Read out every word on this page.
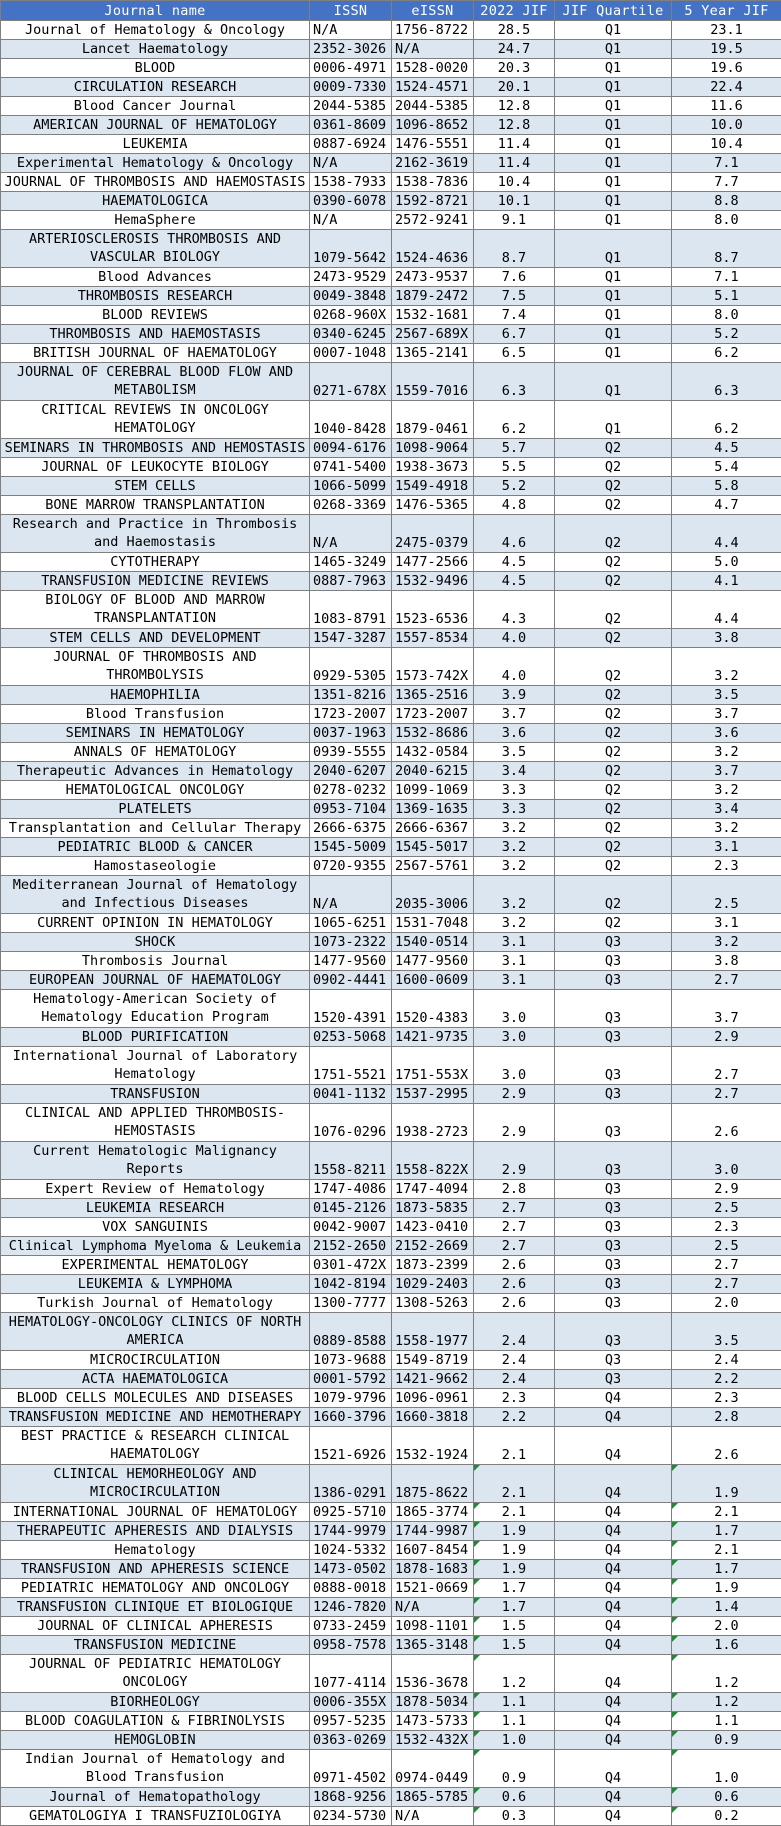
Journal name	ISSN	eISSN	2022 JIF	JIF Quartile	5 Year JIF
Journal of Hematology & Oncology	N/A	1756-8722	28.5	Q1	23.1
Lancet Haematology	2352-3026	N/A	24.7	Q1	19.5
BLOOD	0006-4971	1528-0020	20.3	Q1	19.6
CIRCULATION RESEARCH	0009-7330	1524-4571	20.1	Q1	22.4
Blood Cancer Journal	2044-5385	2044-5385	12.8	Q1	11.6
AMERICAN JOURNAL OF HEMATOLOGY	0361-8609	1096-8652	12.8	Q1	10.0
LEUKEMIA	0887-6924	1476-5551	11.4	Q1	10.4
Experimental Hematology & Oncology	N/A	2162-3619	11.4	Q1	7.1
JOURNAL OF THROMBOSIS AND HAEMOSTASIS	1538-7933	1538-7836	10.4	Q1	7.7
HAEMATOLOGICA	0390-6078	1592-8721	10.1	Q1	8.8
HemaSphere	N/A	2572-9241	9.1	Q1	8.0
ARTERIOSCLEROSIS THROMBOSIS AND VASCULAR BIOLOGY	1079-5642	1524-4636	8.7	Q1	8.7
Blood Advances	2473-9529	2473-9537	7.6	Q1	7.1
THROMBOSIS RESEARCH	0049-3848	1879-2472	7.5	Q1	5.1
BLOOD REVIEWS	0268-960X	1532-1681	7.4	Q1	8.0
THROMBOSIS AND HAEMOSTASIS	0340-6245	2567-689X	6.7	Q1	5.2
BRITISH JOURNAL OF HAEMATOLOGY	0007-1048	1365-2141	6.5	Q1	6.2
JOURNAL OF CEREBRAL BLOOD FLOW AND METABOLISM	0271-678X	1559-7016	6.3	Q1	6.3
CRITICAL REVIEWS IN ONCOLOGY HEMATOLOGY	1040-8428	1879-0461	6.2	Q1	6.2
SEMINARS IN THROMBOSIS AND HEMOSTASIS	0094-6176	1098-9064	5.7	Q2	4.5
JOURNAL OF LEUKOCYTE BIOLOGY	0741-5400	1938-3673	5.5	Q2	5.4
STEM CELLS	1066-5099	1549-4918	5.2	Q2	5.8
BONE MARROW TRANSPLANTATION	0268-3369	1476-5365	4.8	Q2	4.7
Research and Practice in Thrombosis and Haemostasis	N/A	2475-0379	4.6	Q2	4.4
CYTOTHERAPY	1465-3249	1477-2566	4.5	Q2	5.0
TRANSFUSION MEDICINE REVIEWS	0887-7963	1532-9496	4.5	Q2	4.1
BIOLOGY OF BLOOD AND MARROW TRANSPLANTATION	1083-8791	1523-6536	4.3	Q2	4.4
STEM CELLS AND DEVELOPMENT	1547-3287	1557-8534	4.0	Q2	3.8
JOURNAL OF THROMBOSIS AND THROMBOLYSIS	0929-5305	1573-742X	4.0	Q2	3.2
HAEMOPHILIA	1351-8216	1365-2516	3.9	Q2	3.5
Blood Transfusion	1723-2007	1723-2007	3.7	Q2	3.7
SEMINARS IN HEMATOLOGY	0037-1963	1532-8686	3.6	Q2	3.6
ANNALS OF HEMATOLOGY	0939-5555	1432-0584	3.5	Q2	3.2
Therapeutic Advances in Hematology	2040-6207	2040-6215	3.4	Q2	3.7
HEMATOLOGICAL ONCOLOGY	0278-0232	1099-1069	3.3	Q2	3.2
PLATELETS	0953-7104	1369-1635	3.3	Q2	3.4
Transplantation and Cellular Therapy	2666-6375	2666-6367	3.2	Q2	3.2
PEDIATRIC BLOOD & CANCER	1545-5009	1545-5017	3.2	Q2	3.1
Hamostaseologie	0720-9355	2567-5761	3.2	Q2	2.3
Mediterranean Journal of Hematology and Infectious Diseases	N/A	2035-3006	3.2	Q2	2.5
CURRENT OPINION IN HEMATOLOGY	1065-6251	1531-7048	3.2	Q2	3.1
SHOCK	1073-2322	1540-0514	3.1	Q3	3.2
Thrombosis Journal	1477-9560	1477-9560	3.1	Q3	3.8
EUROPEAN JOURNAL OF HAEMATOLOGY	0902-4441	1600-0609	3.1	Q3	2.7
Hematology-American Society of Hematology Education Program	1520-4391	1520-4383	3.0	Q3	3.7
BLOOD PURIFICATION	0253-5068	1421-9735	3.0	Q3	2.9
International Journal of Laboratory Hematology	1751-5521	1751-553X	3.0	Q3	2.7
TRANSFUSION	0041-1132	1537-2995	2.9	Q3	2.7
CLINICAL AND APPLIED THROMBOSIS-HEMOSTASIS	1076-0296	1938-2723	2.9	Q3	2.6
Current Hematologic Malignancy Reports	1558-8211	1558-822X	2.9	Q3	3.0
Expert Review of Hematology	1747-4086	1747-4094	2.8	Q3	2.9
LEUKEMIA RESEARCH	0145-2126	1873-5835	2.7	Q3	2.5
VOX SANGUINIS	0042-9007	1423-0410	2.7	Q3	2.3
Clinical Lymphoma Myeloma & Leukemia	2152-2650	2152-2669	2.7	Q3	2.5
EXPERIMENTAL HEMATOLOGY	0301-472X	1873-2399	2.6	Q3	2.7
LEUKEMIA & LYMPHOMA	1042-8194	1029-2403	2.6	Q3	2.7
Turkish Journal of Hematology	1300-7777	1308-5263	2.6	Q3	2.0
HEMATOLOGY-ONCOLOGY CLINICS OF NORTH AMERICA	0889-8588	1558-1977	2.4	Q3	3.5
MICROCIRCULATION	1073-9688	1549-8719	2.4	Q3	2.4
ACTA HAEMATOLOGICA	0001-5792	1421-9662	2.4	Q3	2.2
BLOOD CELLS MOLECULES AND DISEASES	1079-9796	1096-0961	2.3	Q4	2.3
TRANSFUSION MEDICINE AND HEMOTHERAPY	1660-3796	1660-3818	2.2	Q4	2.8
BEST PRACTICE & RESEARCH CLINICAL HAEMATOLOGY	1521-6926	1532-1924	2.1	Q4	2.6
CLINICAL HEMORHEOLOGY AND MICROCIRCULATION	1386-0291	1875-8622	2.1	Q4	1.9
INTERNATIONAL JOURNAL OF HEMATOLOGY	0925-5710	1865-3774	2.1	Q4	2.1
THERAPEUTIC APHERESIS AND DIALYSIS	1744-9979	1744-9987	1.9	Q4	1.7
Hematology	1024-5332	1607-8454	1.9	Q4	2.1
TRANSFUSION AND APHERESIS SCIENCE	1473-0502	1878-1683	1.9	Q4	1.7
PEDIATRIC HEMATOLOGY AND ONCOLOGY	0888-0018	1521-0669	1.7	Q4	1.9
TRANSFUSION CLINIQUE ET BIOLOGIQUE	1246-7820	N/A	1.7	Q4	1.4
JOURNAL OF CLINICAL APHERESIS	0733-2459	1098-1101	1.5	Q4	2.0
TRANSFUSION MEDICINE	0958-7578	1365-3148	1.5	Q4	1.6
JOURNAL OF PEDIATRIC HEMATOLOGY ONCOLOGY	1077-4114	1536-3678	1.2	Q4	1.2
BIORHEOLOGY	0006-355X	1878-5034	1.1	Q4	1.2
BLOOD COAGULATION & FIBRINOLYSIS	0957-5235	1473-5733	1.1	Q4	1.1
HEMOGLOBIN	0363-0269	1532-432X	1.0	Q4	0.9
Indian Journal of Hematology and Blood Transfusion	0971-4502	0974-0449	0.9	Q4	1.0
Journal of Hematopathology	1868-9256	1865-5785	0.6	Q4	0.6
GEMATOLOGIYA I TRANSFUZIOLOGIYA	0234-5730	N/A	0.3	Q4	0.2
